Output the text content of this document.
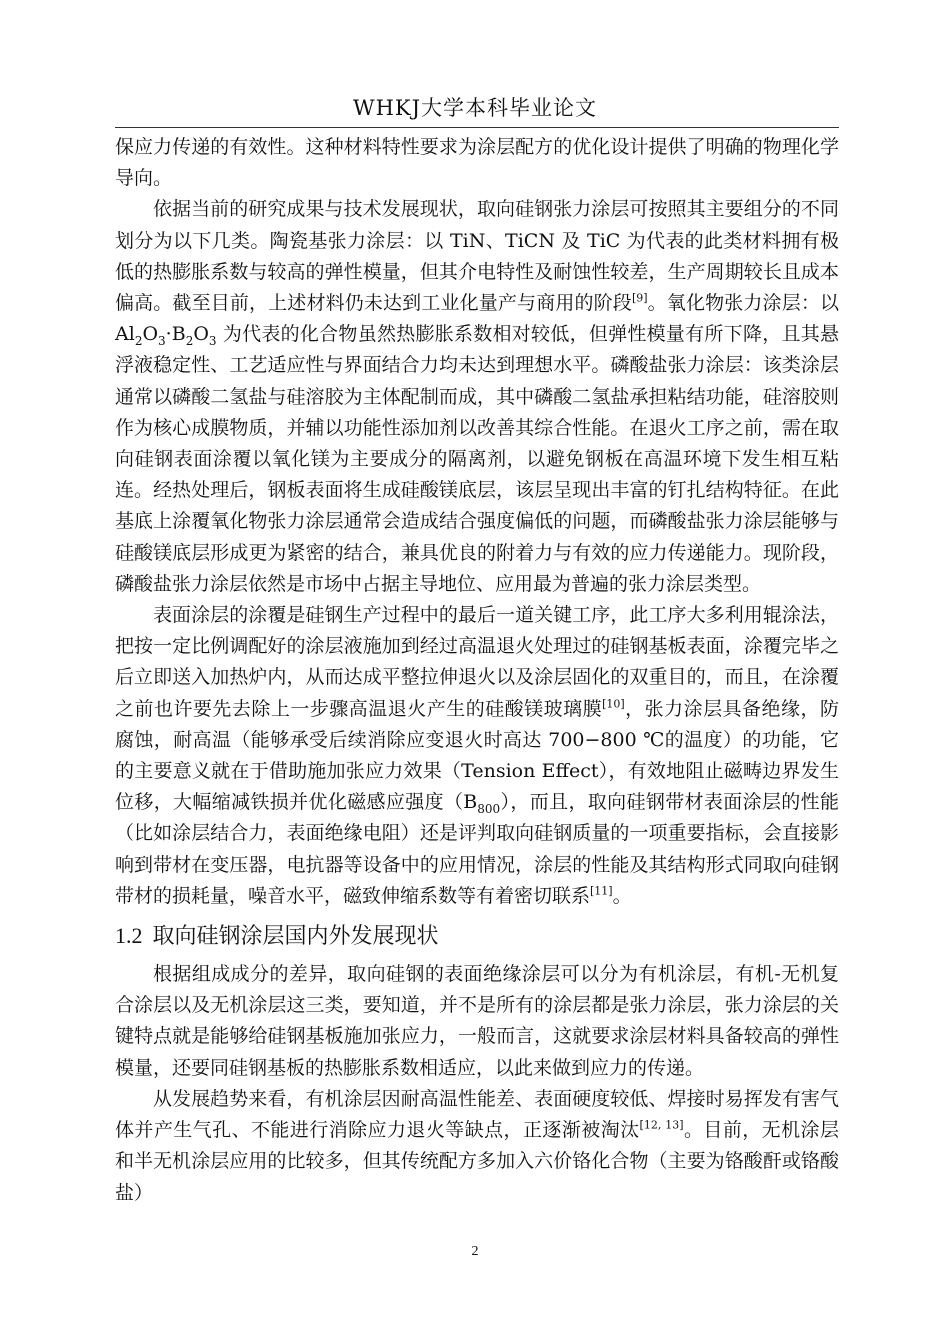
WHKJ大学本科毕业论文

保应力传递的有效性。这种材料特性要求为涂层配方的优化设计提供了明确的物理化学导向。

依据当前的研究成果与技术发展现状，取向硅钢张力涂层可按照其主要组分的不同划分为以下几类。陶瓷基张力涂层：以 TiN、TiCN 及 TiC 为代表的此类材料拥有极低的热膨胀系数与较高的弹性模量，但其介电特性及耐蚀性较差，生产周期较长且成本偏高。截至目前，上述材料仍未达到工业化量产与商用的阶段[9]。氧化物张力涂层：以 $Al_2O_3\cdot B_2O_3$ 为代表的化合物虽然热膨胀系数相对较低，但弹性模量有所下降，且其悬浮液稳定性、工艺适应性与界面结合力均未达到理想水平。磷酸盐张力涂层：该类涂层通常以磷酸二氢盐与硅溶胶为主体配制而成，其中磷酸二氢盐承担粘结功能，硅溶胶则作为核心成膜物质，并辅以功能性添加剂以改善其综合性能。在退火工序之前，需在取向硅钢表面涂覆以氧化镁为主要成分的隔离剂，以避免钢板在高温环境下发生相互粘连。经热处理后，钢板表面将生成硅酸镁底层，该层呈现出丰富的钉扎结构特征。在此基底上涂覆氧化物张力涂层通常会造成结合强度偏低的问题，而磷酸盐张力涂层能够与硅酸镁底层形成更为紧密的结合，兼具优良的附着力与有效的应力传递能力。现阶段，磷酸盐张力涂层依然是市场中占据主导地位、应用最为普遍的张力涂层类型。

表面涂层的涂覆是硅钢生产过程中的最后一道关键工序，此工序大多利用辊涂法，把按一定比例调配好的涂层液施加到经过高温退火处理过的硅钢基板表面，涂覆完毕之后立即送入加热炉内，从而达成平整拉伸退火以及涂层固化的双重目的，而且，在涂覆之前也许要先去除上一步骤高温退火产生的硅酸镁玻璃膜[10]，张力涂层具备绝缘，防腐蚀，耐高温（能够承受后续消除应变退火时高达 700−800 ℃的温度）的功能，它的主要意义就在于借助施加张应力效果（Tension Effect），有效地阻止磁畴边界发生位移，大幅缩减铁损并优化磁感应强度$(B_{800})$，而且，取向硅钢带材表面涂层的性能（比如涂层结合力，表面绝缘电阻）还是评判取向硅钢质量的一项重要指标，会直接影响到带材在变压器，电抗器等设备中的应用情况，涂层的性能及其结构形式同取向硅钢带材的损耗量，噪音水平，磁致伸缩系数等有着密切联系[11]。

1.2 取向硅钢涂层国内外发展现状

根据组成成分的差异，取向硅钢的表面绝缘涂层可以分为有机涂层，有机-无机复合涂层以及无机涂层这三类，要知道，并不是所有的涂层都是张力涂层，张力涂层的关键特点就是能够给硅钢基板施加张应力，一般而言，这就要求涂层材料具备较高的弹性模量，还要同硅钢基板的热膨胀系数相适应，以此来做到应力的传递。

从发展趋势来看，有机涂层因耐高温性能差、表面硬度较低、焊接时易挥发有害气体并产生气孔、不能进行消除应力退火等缺点，正逐渐被淘汰[12, 13]。目前，无机涂层和半无机涂层应用的比较多，但其传统配方多加入六价铬化合物（主要为铬酸酐或铬酸盐）

2
